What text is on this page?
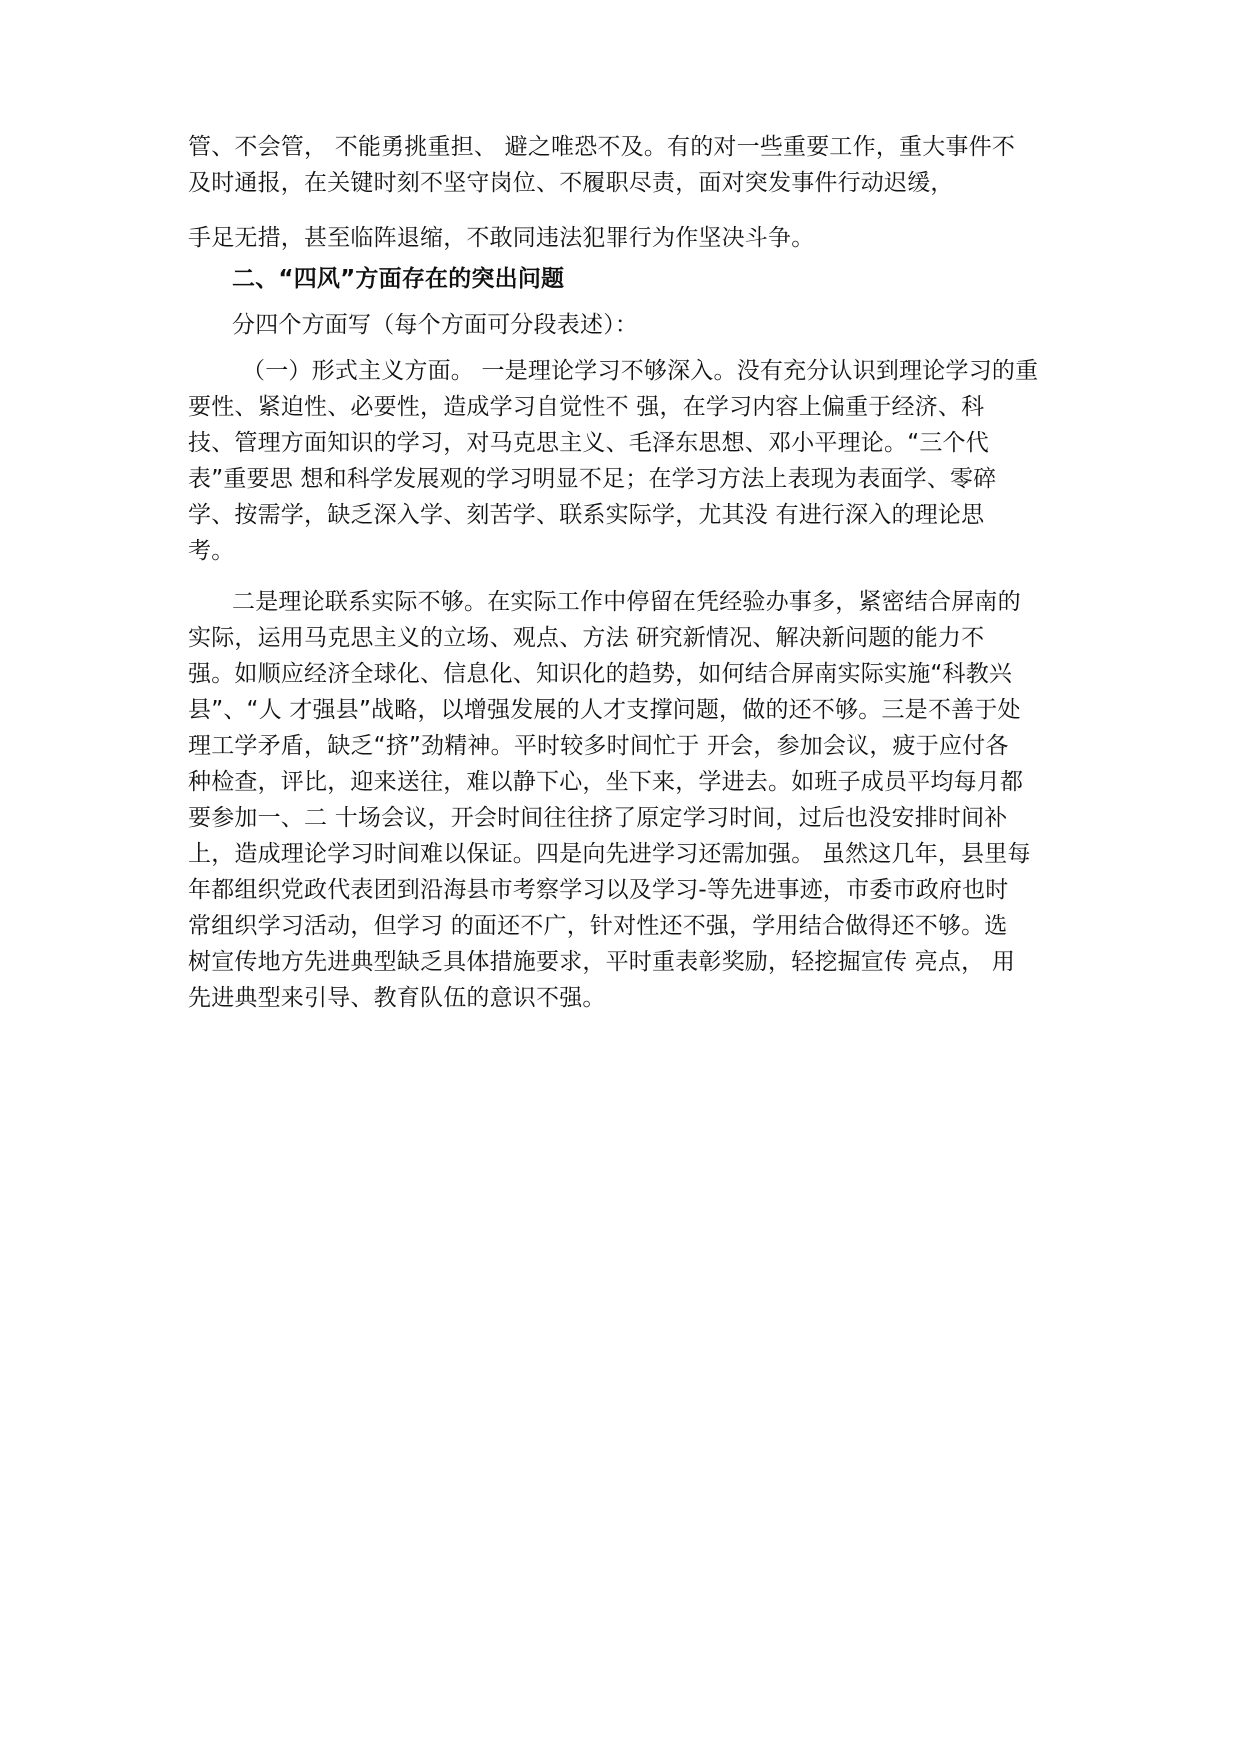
管、不会管， 不能勇挑重担、 避之唯恐不及。有的对一些重要工作，重大事件不
及时通报，在关键时刻不坚守岗位、不履职尽责，面对突发事件行动迟缓，
手足无措，甚至临阵退缩，不敢同违法犯罪行为作坚决斗争。
二、“四风”方面存在的突出问题
分四个方面写（每个方面可分段表述）：
（一）形式主义方面。 一是理论学习不够深入。没有充分认识到理论学习的重
要性、紧迫性、必要性，造成学习自觉性不 强，在学习内容上偏重于经济、科
技、管理方面知识的学习，对马克思主义、毛泽东思想、邓小平理论。“三个代
表”重要思 想和科学发展观的学习明显不足；在学习方法上表现为表面学、零碎
学、按需学，缺乏深入学、刻苦学、联系实际学，尤其没 有进行深入的理论思
考。
二是理论联系实际不够。在实际工作中停留在凭经验办事多，紧密结合屏南的
实际，运用马克思主义的立场、观点、方法 研究新情况、解决新问题的能力不
强。如顺应经济全球化、信息化、知识化的趋势，如何结合屏南实际实施“科教兴
县”、“人 才强县”战略，以增强发展的人才支撑问题，做的还不够。三是不善于处
理工学矛盾，缺乏“挤”劲精神。平时较多时间忙于 开会，参加会议，疲于应付各
种检查，评比，迎来送往，难以静下心，坐下来，学进去。如班子成员平均每月都
要参加一、二 十场会议，开会时间往往挤了原定学习时间，过后也没安排时间补
上，造成理论学习时间难以保证。四是向先进学习还需加强。 虽然这几年，县里每
年都组织党政代表团到沿海县市考察学习以及学习-等先进事迹，市委市政府也时
常组织学习活动，但学习 的面还不广，针对性还不强，学用结合做得还不够。选
树宣传地方先进典型缺乏具体措施要求，平时重表彰奖励，轻挖掘宣传 亮点， 用
先进典型来引导、教育队伍的意识不强。
